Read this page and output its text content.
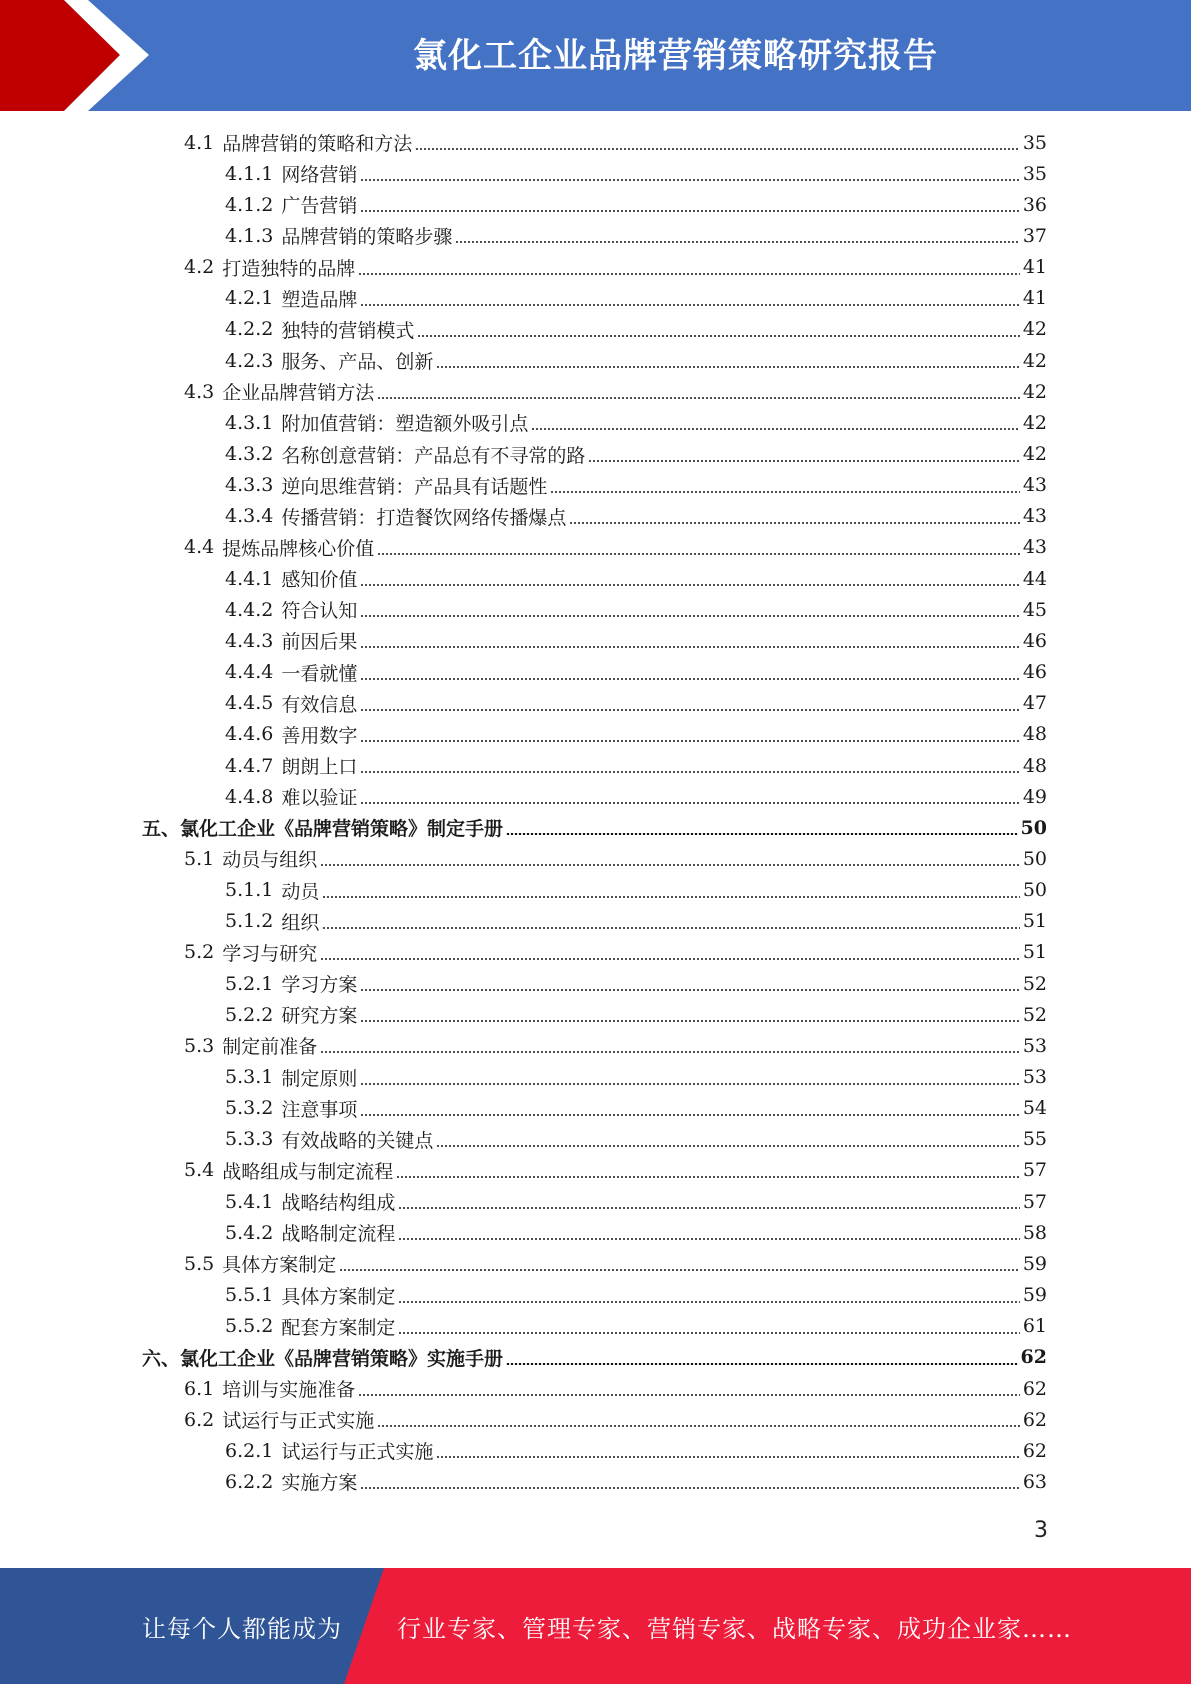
氯化工企业品牌营销策略研究报告
4.1 品牌营销的策略和方法	35
4.1.1 网络营销	35
4.1.2 广告营销	36
4.1.3 品牌营销的策略步骤	37
4.2 打造独特的品牌	41
4.2.1 塑造品牌	41
4.2.2 独特的营销模式	42
4.2.3 服务、产品、创新	42
4.3 企业品牌营销方法	42
4.3.1 附加值营销：塑造额外吸引点	42
4.3.2 名称创意营销：产品总有不寻常的路	42
4.3.3 逆向思维营销：产品具有话题性	43
4.3.4 传播营销：打造餐饮网络传播爆点	43
4.4 提炼品牌核心价值	43
4.4.1 感知价值	44
4.4.2 符合认知	45
4.4.3 前因后果	46
4.4.4 一看就懂	46
4.4.5 有效信息	47
4.4.6 善用数字	48
4.4.7 朗朗上口	48
4.4.8 难以验证	49
五、氯化工企业《品牌营销策略》制定手册	50
5.1 动员与组织	50
5.1.1 动员	50
5.1.2 组织	51
5.2 学习与研究	51
5.2.1 学习方案	52
5.2.2 研究方案	52
5.3 制定前准备	53
5.3.1 制定原则	53
5.3.2 注意事项	54
5.3.3 有效战略的关键点	55
5.4 战略组成与制定流程	57
5.4.1 战略结构组成	57
5.4.2 战略制定流程	58
5.5 具体方案制定	59
5.5.1 具体方案制定	59
5.5.2 配套方案制定	61
六、氯化工企业《品牌营销策略》实施手册	62
6.1 培训与实施准备	62
6.2 试运行与正式实施	62
6.2.1 试运行与正式实施	62
6.2.2 实施方案	63
3
让每个人都能成为 行业专家、管理专家、营销专家、战略专家、成功企业家……
